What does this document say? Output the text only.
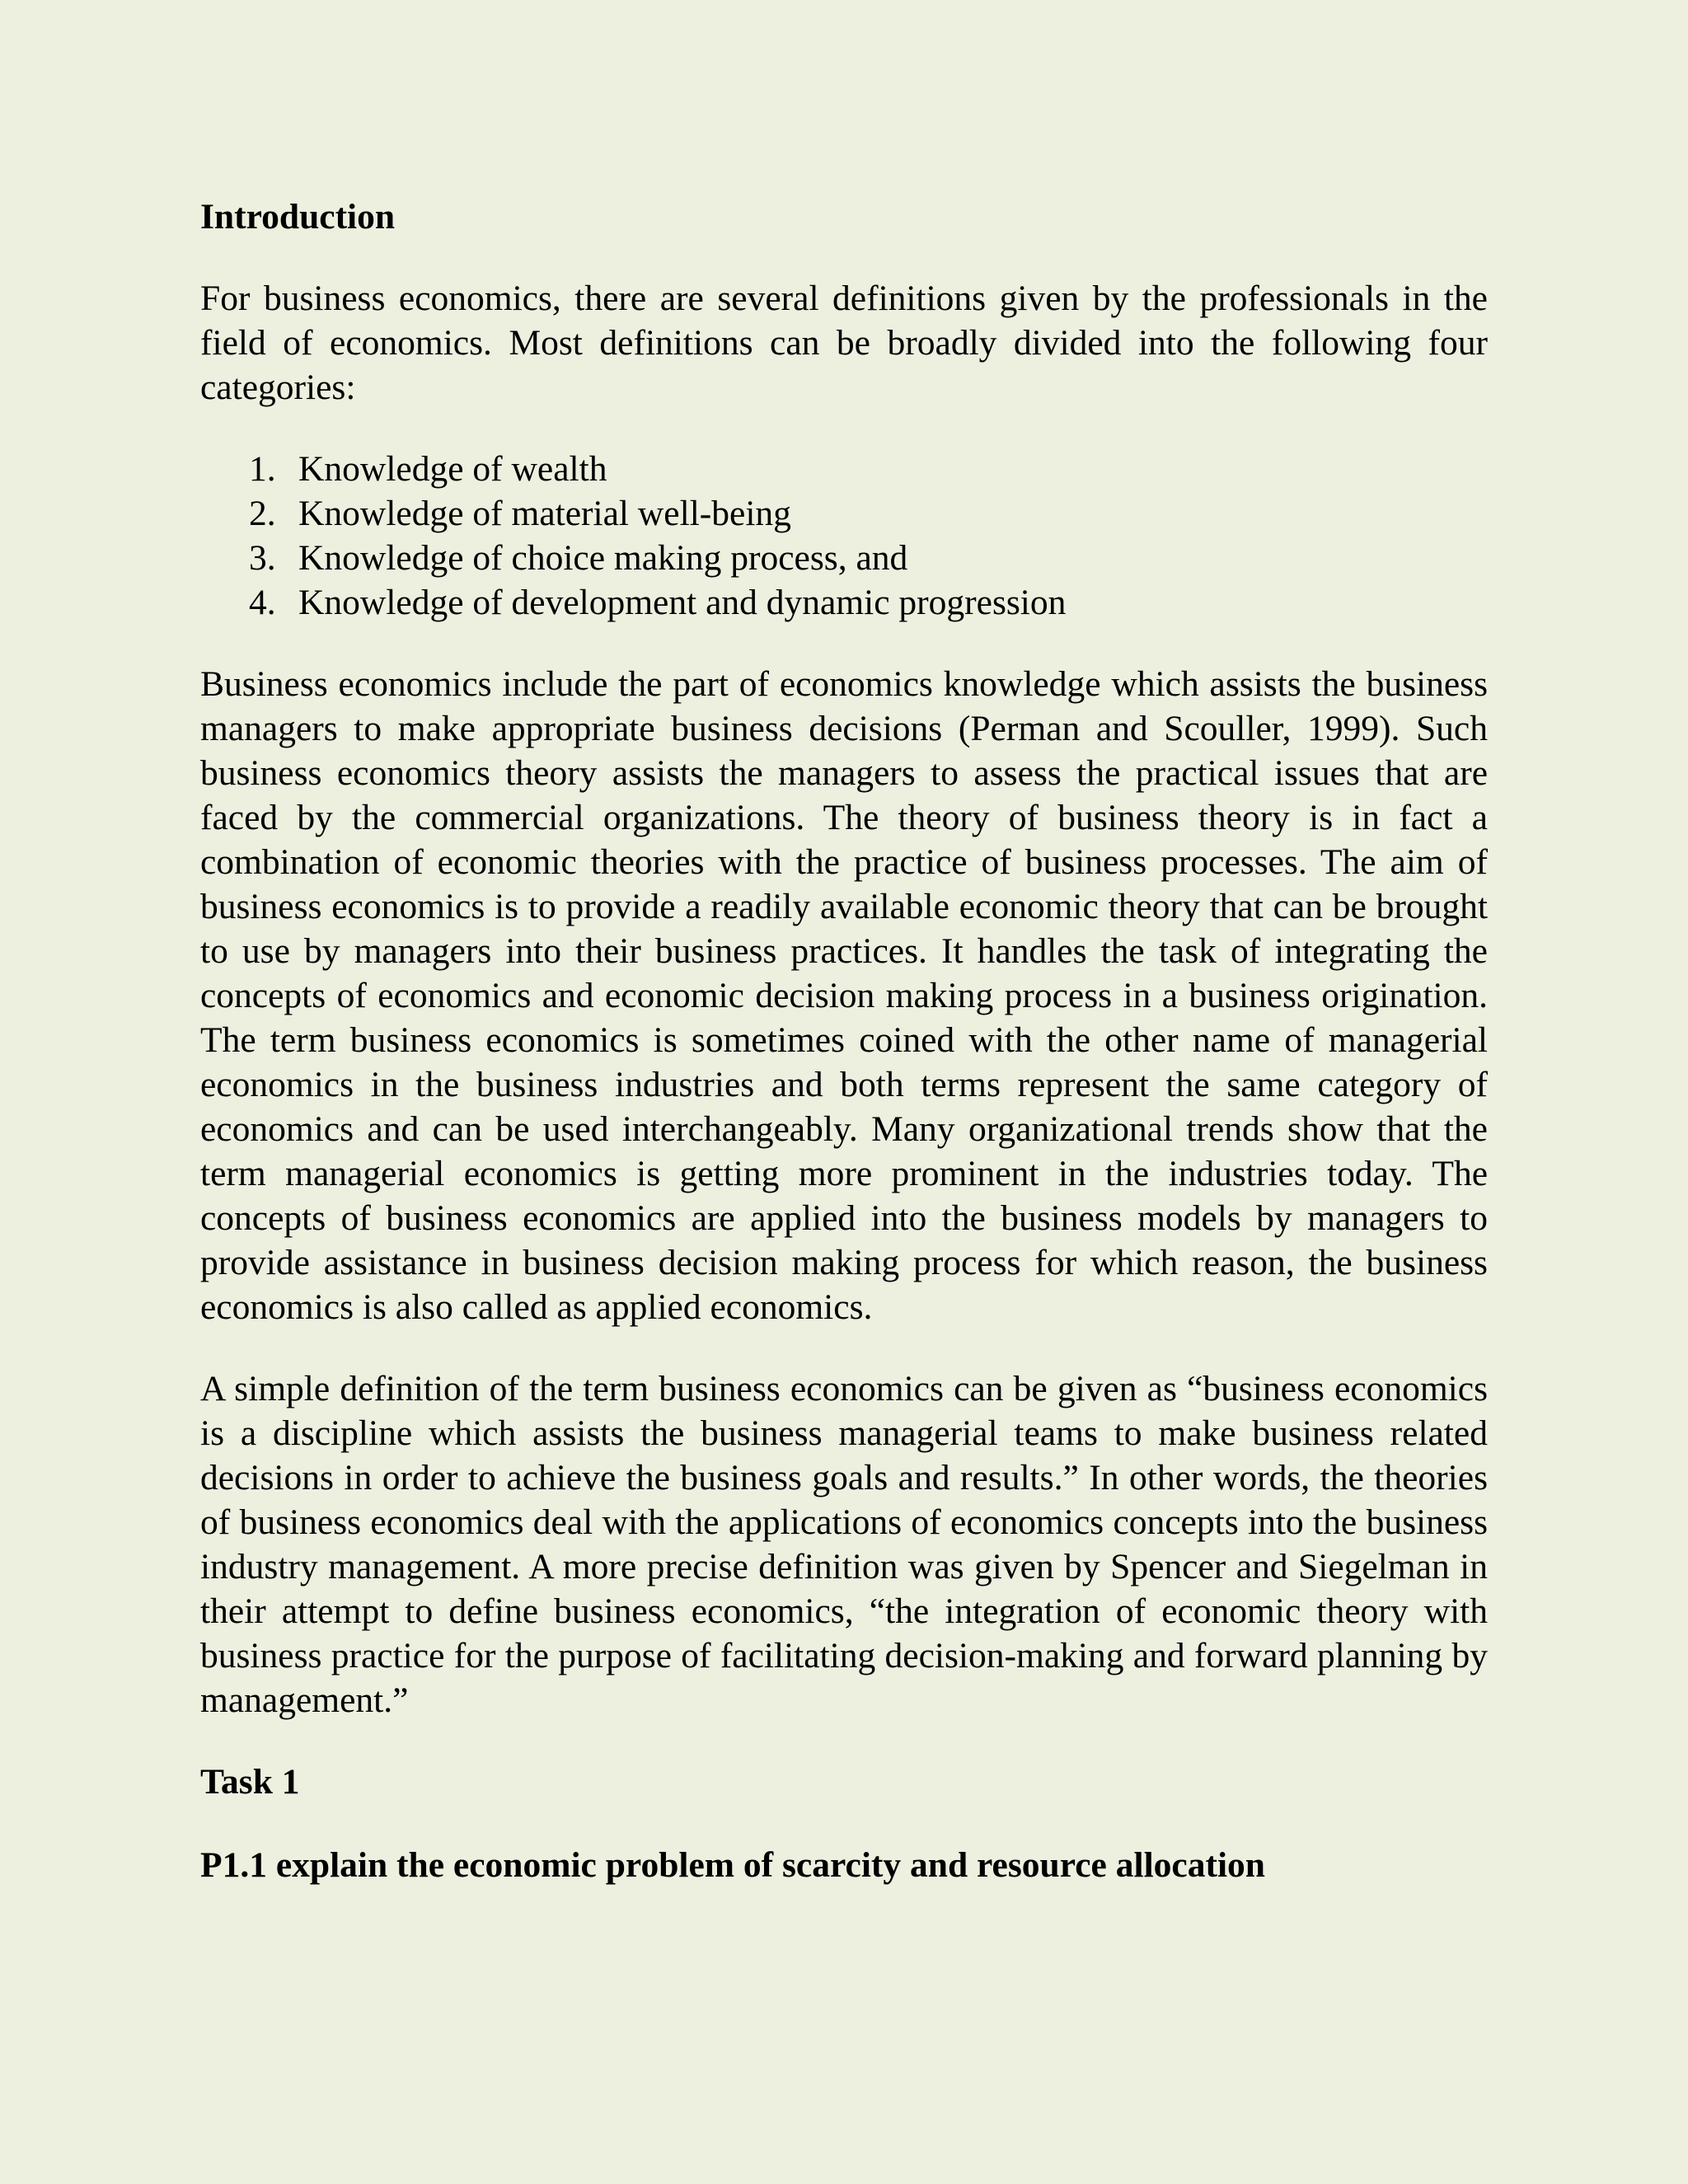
Introduction

For business economics, there are several definitions given by the professionals in the field of economics. Most definitions can be broadly divided into the following four categories:

1. Knowledge of wealth
2. Knowledge of material well-being
3. Knowledge of choice making process, and
4. Knowledge of development and dynamic progression

Business economics include the part of economics knowledge which assists the business managers to make appropriate business decisions (Perman and Scouller, 1999). Such business economics theory assists the managers to assess the practical issues that are faced by the commercial organizations. The theory of business theory is in fact a combination of economic theories with the practice of business processes. The aim of business economics is to provide a readily available economic theory that can be brought to use by managers into their business practices. It handles the task of integrating the concepts of economics and economic decision making process in a business origination. The term business economics is sometimes coined with the other name of managerial economics in the business industries and both terms represent the same category of economics and can be used interchangeably. Many organizational trends show that the term managerial economics is getting more prominent in the industries today. The concepts of business economics are applied into the business models by managers to provide assistance in business decision making process for which reason, the business economics is also called as applied economics.

A simple definition of the term business economics can be given as “business economics is a discipline which assists the business managerial teams to make business related decisions in order to achieve the business goals and results.” In other words, the theories of business economics deal with the applications of economics concepts into the business industry management. A more precise definition was given by Spencer and Siegelman in their attempt to define business economics, “the integration of economic theory with business practice for the purpose of facilitating decision-making and forward planning by management.”

Task 1

P1.1 explain the economic problem of scarcity and resource allocation
